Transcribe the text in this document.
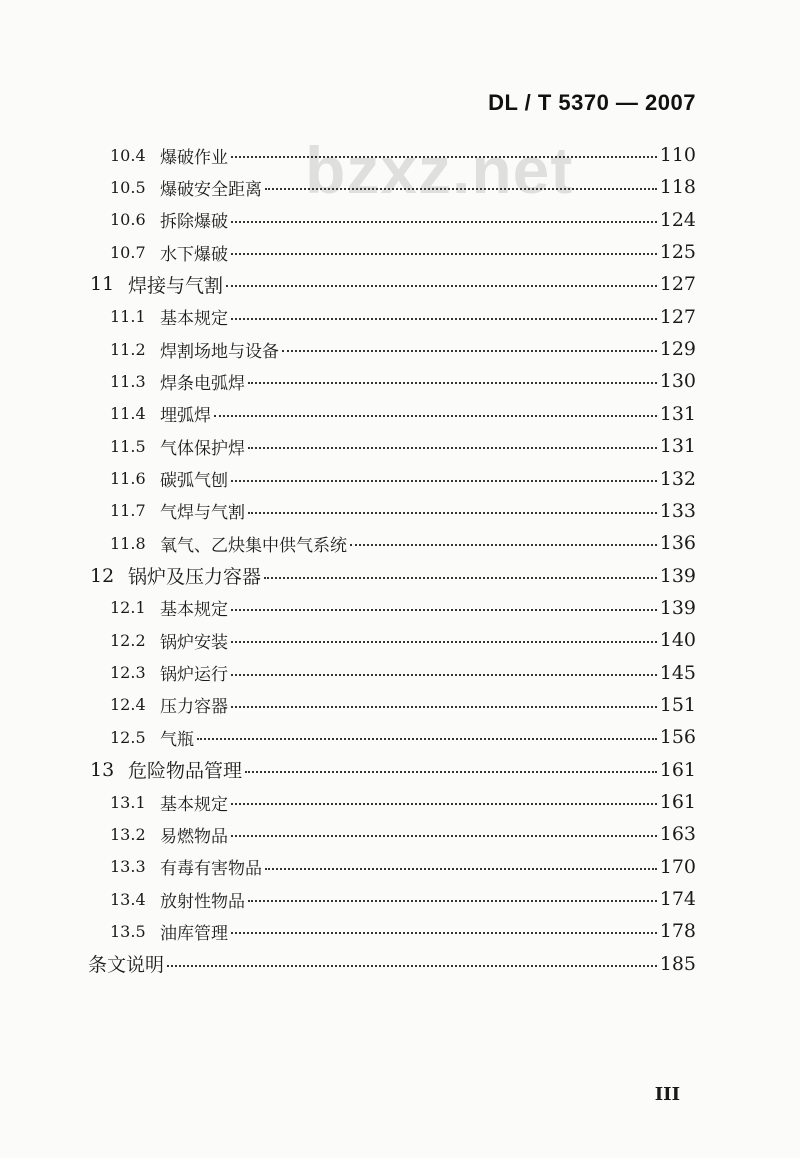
DL / T 5370 — 2007
bzxz.net
10.4 爆破作业	110
10.5 爆破安全距离	118
10.6 拆除爆破	124
10.7 水下爆破	125
11 焊接与气割	127
11.1 基本规定	127
11.2 焊割场地与设备	129
11.3 焊条电弧焊	130
11.4 埋弧焊	131
11.5 气体保护焊	131
11.6 碳弧气刨	132
11.7 气焊与气割	133
11.8 氧气、乙炔集中供气系统	136
12 锅炉及压力容器	139
12.1 基本规定	139
12.2 锅炉安装	140
12.3 锅炉运行	145
12.4 压力容器	151
12.5 气瓶	156
13 危险物品管理	161
13.1 基本规定	161
13.2 易燃物品	163
13.3 有毒有害物品	170
13.4 放射性物品	174
13.5 油库管理	178
条文说明	185
III
